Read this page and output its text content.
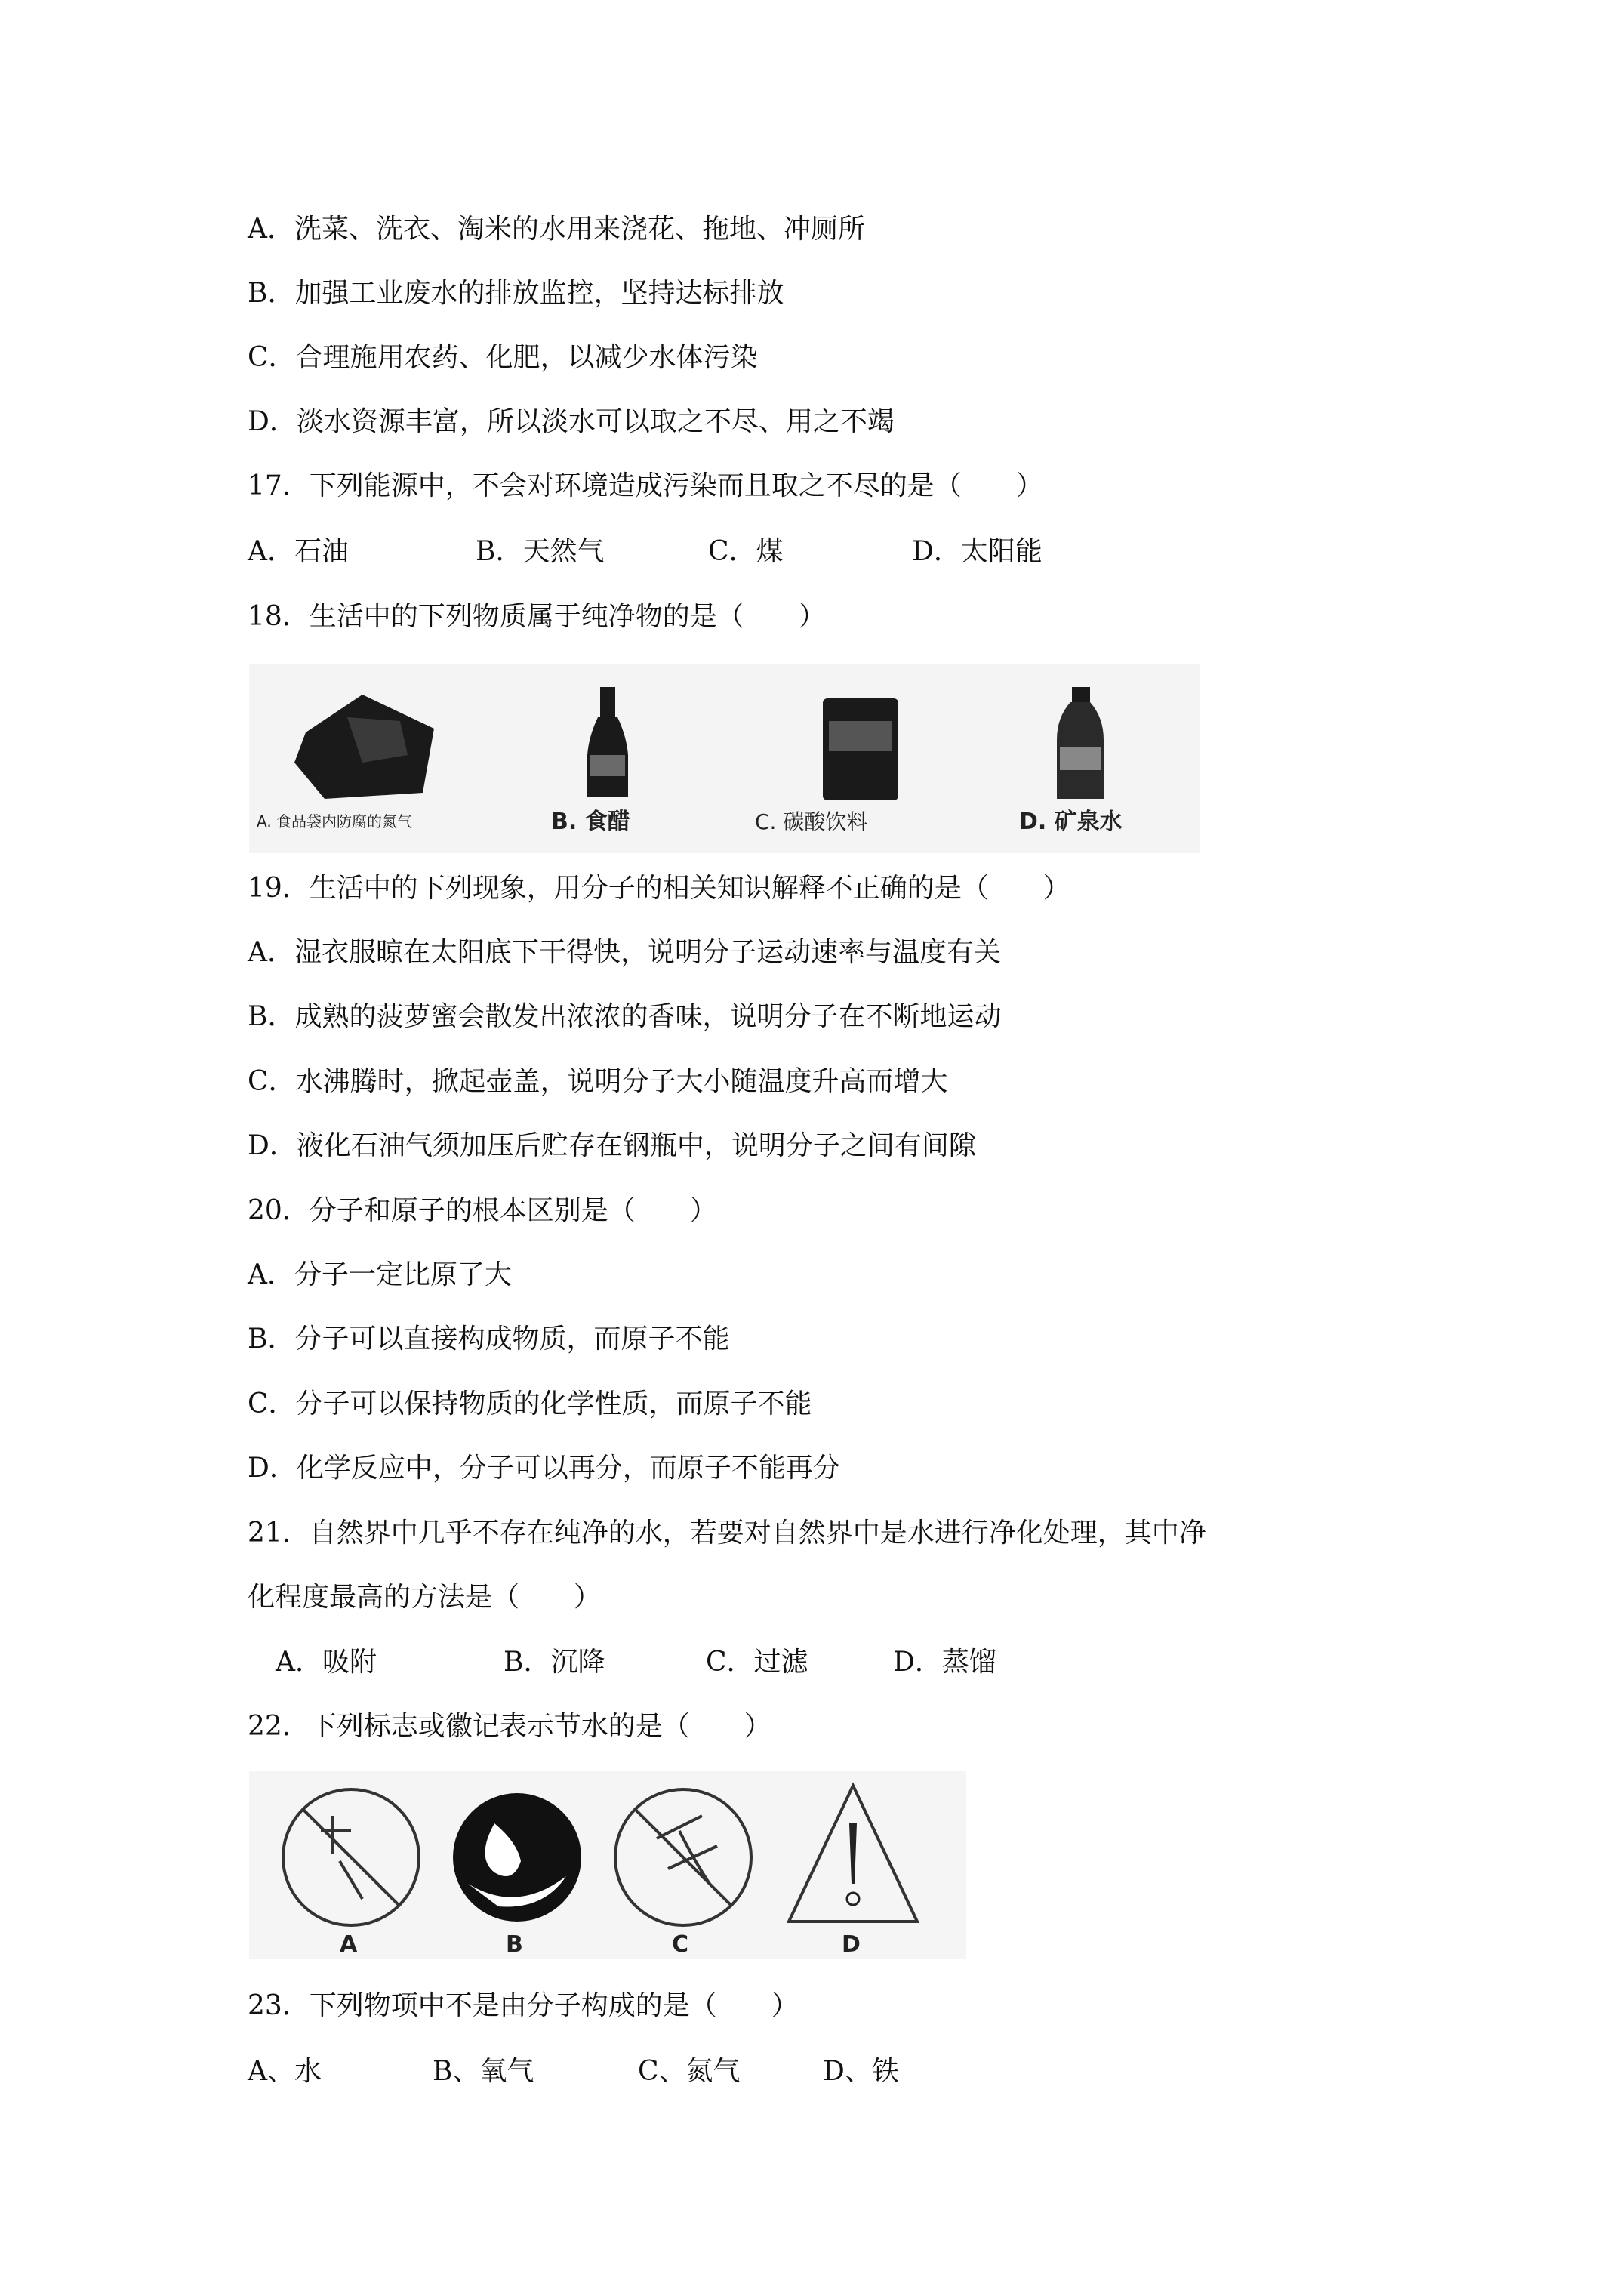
A．洗菜、洗衣、淘米的水用来浇花、拖地、冲厕所
B．加强工业废水的排放监控，坚持达标排放
C．合理施用农药、化肥，以减少水体污染
D．淡水资源丰富，所以淡水可以取之不尽、用之不竭
17．下列能源中，不会对环境造成污染而且取之不尽的是（　　）
A．石油	B．天然气	C．煤	D．太阳能
18．生活中的下列物质属于纯净物的是（　　）
A. 食品袋内防腐的氮气	B. 食醋	C. 碳酸饮料	D. 矿泉水
19．生活中的下列现象，用分子的相关知识解释不正确的是（　　）
A．湿衣服晾在太阳底下干得快，说明分子运动速率与温度有关
B．成熟的菠萝蜜会散发出浓浓的香味，说明分子在不断地运动
C．水沸腾时，掀起壶盖，说明分子大小随温度升高而增大
D．液化石油气须加压后贮存在钢瓶中，说明分子之间有间隙
20．分子和原子的根本区别是（　　）
A．分子一定比原了大
B．分子可以直接构成物质，而原子不能
C．分子可以保持物质的化学性质，而原子不能
D．化学反应中，分子可以再分，而原子不能再分
21．自然界中几乎不存在纯净的水，若要对自然界中是水进行净化处理，其中净
化程度最高的方法是（　　）
A．吸附	B．沉降	C．过滤	D．蒸馏
22．下列标志或徽记表示节水的是（　　）
A	B	C	D
23．下列物项中不是由分子构成的是（　　）
A、水	B、氧气	C、氮气	D、铁
